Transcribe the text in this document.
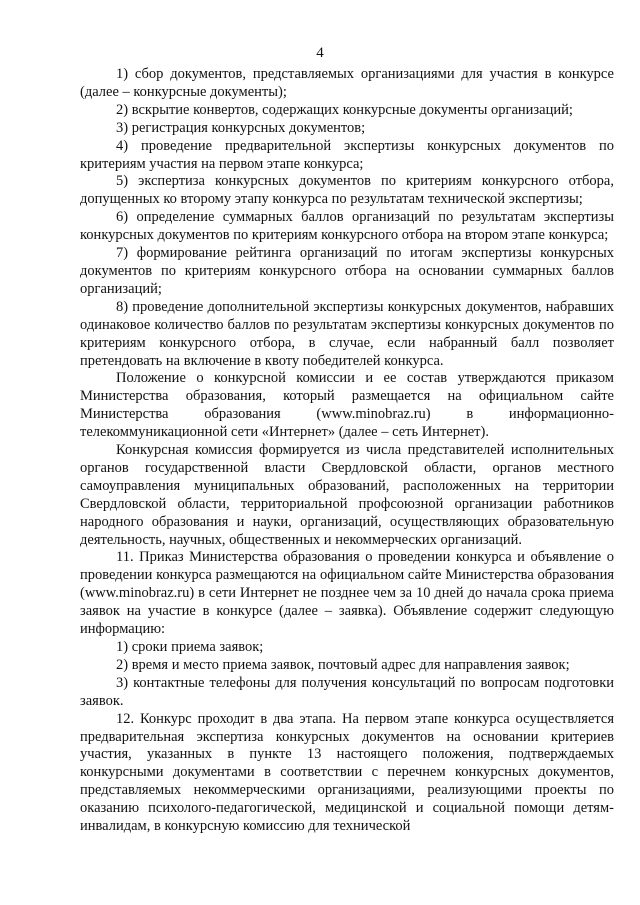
4

1) сбор документов, представляемых организациями для участия в конкурсе (далее – конкурсные документы);

2) вскрытие конвертов, содержащих конкурсные документы организаций;

3) регистрация конкурсных документов;

4) проведение предварительной экспертизы конкурсных документов по критериям участия на первом этапе конкурса;

5) экспертиза конкурсных документов по критериям конкурсного отбора, допущенных ко второму этапу конкурса по результатам технической экспертизы;

6) определение суммарных баллов организаций по результатам экспертизы конкурсных документов по критериям конкурсного отбора на втором этапе конкурса;

7) формирование рейтинга организаций по итогам экспертизы конкурсных документов по критериям конкурсного отбора на основании суммарных баллов организаций;

8) проведение дополнительной экспертизы конкурсных документов, набравших одинаковое количество баллов по результатам экспертизы конкурсных документов по критериям конкурсного отбора, в случае, если набранный балл позволяет претендовать на включение в квоту победителей конкурса.

Положение о конкурсной комиссии и ее состав утверждаются приказом Министерства образования, который размещается на официальном сайте Министерства образования (www.minobraz.ru) в информационно-телекоммуникационной сети «Интернет» (далее – сеть Интернет).

Конкурсная комиссия формируется из числа представителей исполнительных органов государственной власти Свердловской области, органов местного самоуправления муниципальных образований, расположенных на территории Свердловской области, территориальной профсоюзной организации работников народного образования и науки, организаций, осуществляющих образовательную деятельность, научных, общественных и некоммерческих организаций.

11. Приказ Министерства образования о проведении конкурса и объявление о проведении конкурса размещаются на официальном сайте Министерства образования (www.minobraz.ru) в сети Интернет не позднее чем за 10 дней до начала срока приема заявок на участие в конкурсе (далее – заявка). Объявление содержит следующую информацию:

1) сроки приема заявок;

2) время и место приема заявок, почтовый адрес для направления заявок;

3) контактные телефоны для получения консультаций по вопросам подготовки заявок.

12. Конкурс проходит в два этапа. На первом этапе конкурса осуществляется предварительная экспертиза конкурсных документов на основании критериев участия, указанных в пункте 13 настоящего положения, подтверждаемых конкурсными документами в соответствии с перечнем конкурсных документов, представляемых некоммерческими организациями, реализующими проекты по оказанию психолого-педагогической, медицинской и социальной помощи детям-инвалидам, в конкурсную комиссию для технической
